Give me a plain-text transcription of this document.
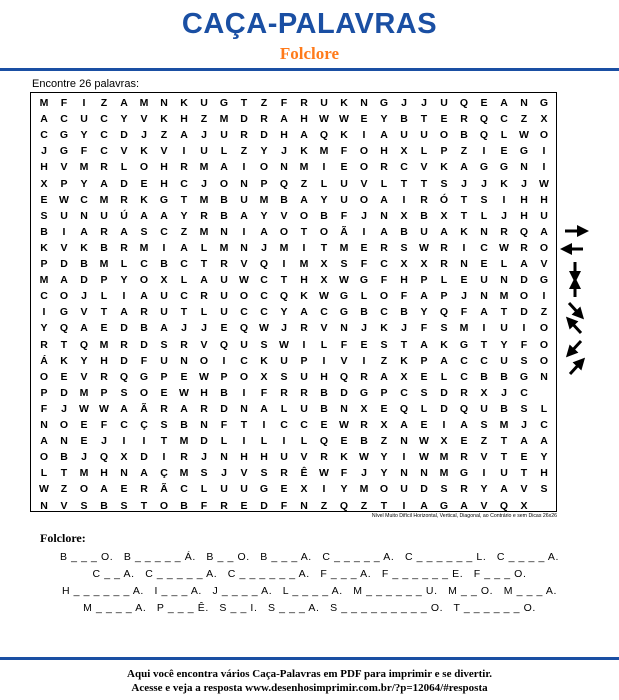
CAÇA-PALAVRAS
Folclore
Encontre 26 palavras:
M	F	I	Z	A	M	N	K	U	G	T	Z	F	R	U	K	N	G	J	J	U	Q	E	A	N	G
A	C	U	C	Y	V	K	H	Z	M	D	R	A	H	W W	E	Y	B	T	E	R	Q	C	Z	X
C	G	Y	C	D	J	Z	A	J	U	R	D	H	A	Q	K	I	A	U	U	O	B	Q	L	W	O
J	G	F	C	V	K	V	I	U	L	Z	Y	J	K	M	F	O	H	X	L	P	Z	I	E	G	I
H	V	M	R	L	O	H	R	M	A	I	O	N	M	I	E	O	R	C	V	K	A	G	G	N	I
X	P	Y	A	D	E	H	C	J	O	N	P	Q	Z	L	U	V	L	T	T	S	J	J	K	J	W
E	W	C	M	R	K	G	T	M	B	U	M	B	A	Y	U	O	A	I	R	Ó	T	S	I	H	H
S	U	N	U	Ú	A	A	Y	R	B	A	Y	V	O	B	F	J	N	X	B	X	T	L	J	H	U
B	I	A	R	A	S	C	Z	M	N	I	A	O	T	O	Ã	I	A	B	U	A	K	N	R	Q	A
K	V	K	B	R	M	I	A	L	M	N	J	M	I	T	M	E	R	S	W	R	I	C	W	R	O
P	D	B	M	L	C	B	C	T	R	V	Q	I	M	X	S	F	C	X	X	R	N	E	L	A	V
M	A	D	P	Y	O	X	L	A	U	W	C	T	H	X	W	G	F	H	P	L	E	U	N	D	G
C	O	J	L	I	A	U	C	R	U	O	C	Q	K	W	G	L	O	F	A	P	J	N	M	O	I
I	G	V	T	A	R	U	T	L	U	C	C	Y	A	C	G	B	C	B	Y	Q	F	A	T	D	Z
Y	Q	A	E	D	B	A	J	J	E	Q	W	J	R	V	N	J	K	J	F	S	M	I	U	I	O
R	T	Q	M	R	D	S	R	V	Q	U	S	W	I	L	F	E	S	T	A	K	G	T	Y	F	O
Á	K	Y	H	D	F	U	N	O	I	C	K	U	P	I	V	I	Z	K	P	A	C	C	U	S	O
O	E	V	R	Q	G	P	E	W	P	O	X	S	U	H	Q	R	A	X	E	L	C	B	B	G	N
P	D	M	P	S	O	E	W	H	B	I	F	R	R	B	D	G	P	C	S	D	R	X	J	C
F	J	W W	A	Ã	R	A	R	D	N	A	L	U	B	N	X	E	Q	L	D	Q	U	B	S	L
N	O	E	F	C	Ç	S	B	N	F	T	I	C	C	E	W	R	X	A	E	I	A	S	M	J	C
A	N	E	J	I	I	T	M	D	L	I	L	I	L	Q	E	B	Z	N	W	X	E	Z	T	A	A
O	B	J	Q	X	D	I	R	J	N	H	H	U	V	R	K	W	Y	I	W	M	R	V	T	E	Y
L	T	M	H	N	A	Ç	M	S	J	V	S	R	Ê	W	F	J	Y	N	N	M	G	I	U	T	H
W	Z	O	A	E	R	Ã	C	L	U	U	G	E	X	I	Y	M	O	U	D	S	R	Y	A	V	S
N	V	S	B	S	T	O	B	F	R	E	D	F	N	Z	Q	Z	T	I	A	G	A	V	Q	X
Nível Muito Difícil Horizontal, Vertical, Diagonal, ao Contrário e sem Dicas 26x26
Folclore:
B _ _ _ O.   B _ _ _ _ _ Á.   B _ _ O.   B _ _ _ A.   C _ _ _ _ _ A.   C _ _ _ _ _ _ L.   C _ _ _ _ A.
C _ _ A.   C _ _ _ _ _ A.   C _ _ _ _ _ _ A.   F _ _ _ A.   F _ _ _ _ _ _ E.   F _ _ _ O.
H _ _ _ _ _ _ A.   I _ _ _ A.   J _ _ _ _ A.   L _ _ _ _ A.   M _ _ _ _ _ _ U.   M _ _ O.   M _ _ _ A.
M _ _ _ _ A.   P _ _ _ Ê.   S _ _ I.   S _ _ _ A.   S _ _ _ _ _ _ _ _ _ O.   T _ _ _ _ _ _ O.
Aqui você encontra vários Caça-Palavras em PDF para imprimir e se divertir.
Acesse e veja a resposta www.desenhosimprimir.com.br/?p=12064/#resposta
